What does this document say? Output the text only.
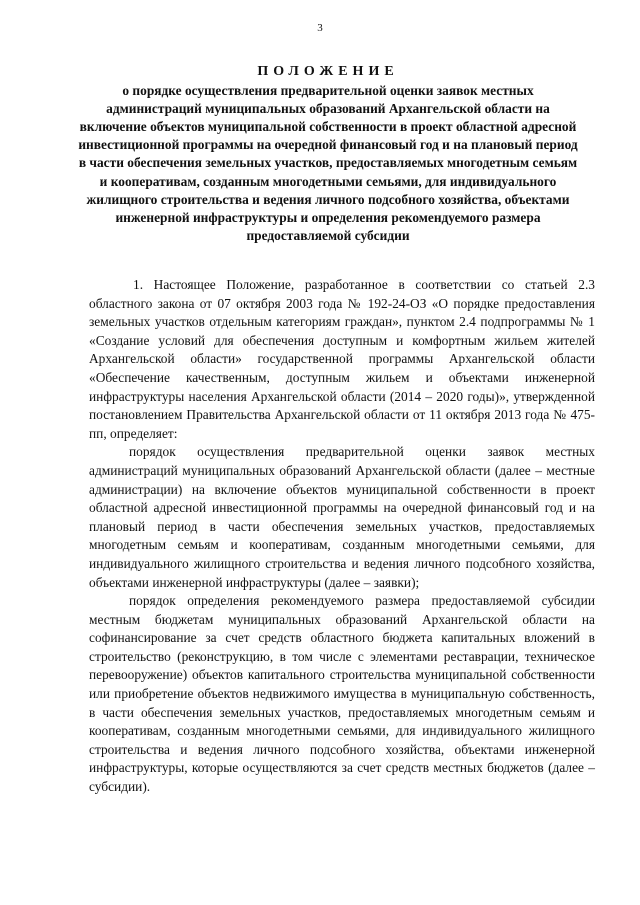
3
ПОЛОЖЕНИЕ
о порядке осуществления предварительной оценки заявок местных администраций муниципальных образований Архангельской области на включение объектов муниципальной собственности в проект областной адресной инвестиционной программы на очередной финансовый год и на плановый период в части обеспечения земельных участков, предоставляемых многодетным семьям и кооперативам, созданным многодетными семьями, для индивидуального жилищного строительства и ведения личного подсобного хозяйства, объектами инженерной инфраструктуры и определения рекомендуемого размера предоставляемой субсидии

1. Настоящее Положение, разработанное в соответствии со статьей 2.3 областного закона от 07 октября 2003 года № 192-24-ОЗ «О порядке предоставления земельных участков отдельным категориям граждан», пунктом 2.4 подпрограммы № 1 «Создание условий для обеспечения доступным и комфортным жильем жителей Архангельской области» государственной программы Архангельской области «Обеспечение качественным, доступным жильем и объектами инженерной инфраструктуры населения Архангельской области (2014 – 2020 годы)», утвержденной постановлением Правительства Архангельской области от 11 октября 2013 года № 475-пп, определяет:

порядок осуществления предварительной оценки заявок местных администраций муниципальных образований Архангельской области (далее – местные администрации) на включение объектов муниципальной собственности в проект областной адресной инвестиционной программы на очередной финансовый год и на плановый период в части обеспечения земельных участков, предоставляемых многодетным семьям и кооперативам, созданным многодетными семьями, для индивидуального жилищного строительства и ведения личного подсобного хозяйства, объектами инженерной инфраструктуры (далее – заявки);

порядок определения рекомендуемого размера предоставляемой субсидии местным бюджетам муниципальных образований Архангельской области на софинансирование за счет средств областного бюджета капитальных вложений в строительство (реконструкцию, в том числе с элементами реставрации, техническое перевооружение) объектов капитального строительства муниципальной собственности или приобретение объектов недвижимого имущества в муниципальную собственность, в части обеспечения земельных участков, предоставляемых многодетным семьям и кооперативам, созданным многодетными семьями, для индивидуального жилищного строительства и ведения личного подсобного хозяйства, объектами инженерной инфраструктуры, которые осуществляются за счет средств местных бюджетов (далее – субсидии).
